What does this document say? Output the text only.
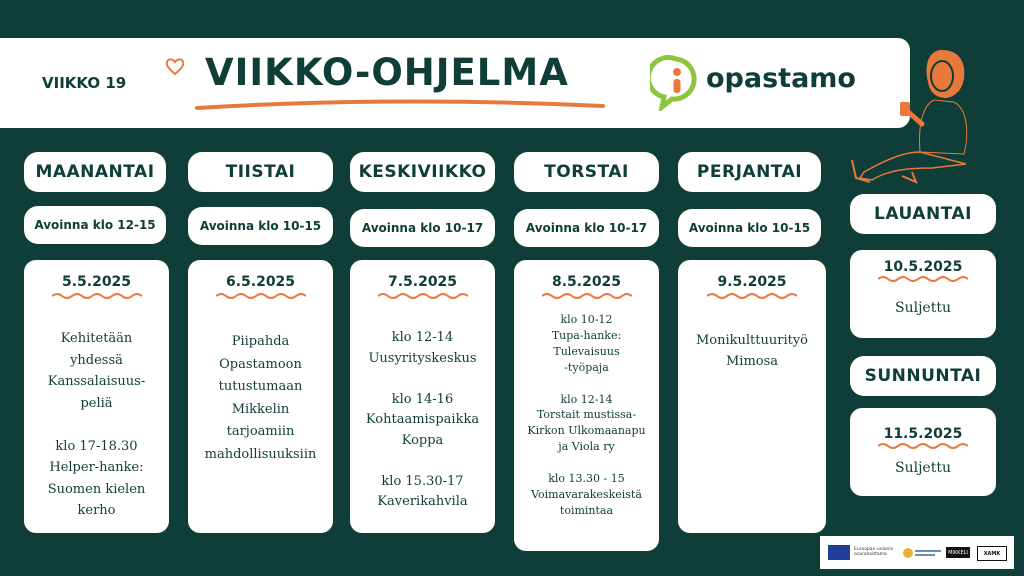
VIIKKO 19 VIIKKO-OHJELMA	opastamo
MAANANTAI	TIISTAI	KESKIVIIKKO	TORSTAI	PERJANTAI
Avoinna klo 12-15	Avoinna klo 10-15	Avoinna klo 10-17	Avoinna klo 10-17	Avoinna klo 10-15
5.5.2025
Kehitetään
yhdessä
Kanssalaisuus-
peliä

klo 17-18.30
Helper-hanke:
Suomen kielen
kerho
6.5.2025
Piipahda
Opastamoon
tutustumaan
Mikkelin
tarjoamiin
mahdollisuuksiin
7.5.2025
klo 12-14
Uusyrityskeskus

klo 14-16
Kohtaamispaikka
Koppa

klo 15.30-17
Kaverikahvila
8.5.2025
klo 10-12
Tupa-hanke:
Tulevaisuus
-työpaja

klo 12-14
Torstait mustissa-
Kirkon Ulkomaanapu
ja Viola ry

klo 13.30 - 15
Voimavarakeskeistä
toimintaa
9.5.2025
Monikulttuurityö
Mimosa
LAUANTAI
10.5.2025
Suljettu
SUNNUNTAI
11.5.2025
Suljettu
Euroopan unionin osarahoittama	MIKKELI	XAMK
